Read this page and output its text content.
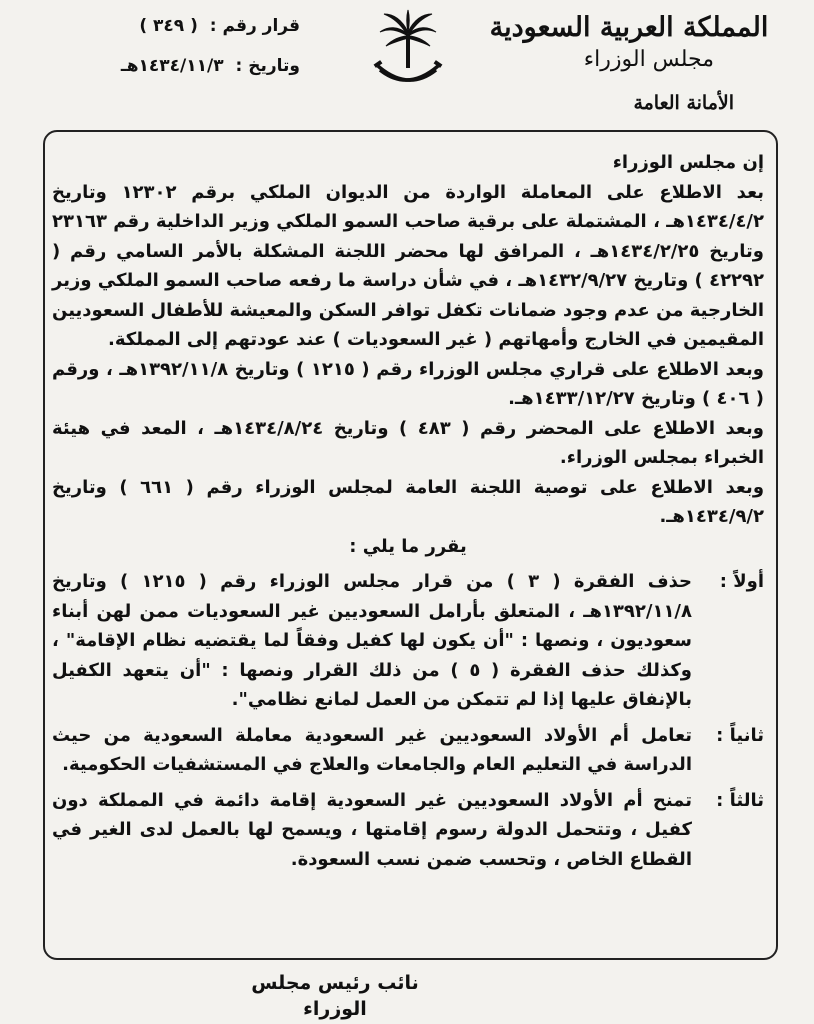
المملكة العربية السعودية
مجلس الوزراء
الأمانة العامة
قرار رقم : ( ٣٤٩ )
وتاريخ : ١٤٣٤/١١/٣هـ

إن مجلس الوزراء

بعد الاطلاع على المعاملة الواردة من الديوان الملكي برقم ١٢٣٠٢ وتاريخ ١٤٣٤/٤/٢هـ ، المشتملة على برقية صاحب السمو الملكي وزير الداخلية رقم ٢٣١٦٣ وتاريخ ١٤٣٤/٢/٢٥هـ ، المرافق لها محضر اللجنة المشكلة بالأمر السامي رقم ( ٤٢٢٩٢ ) وتاريخ ١٤٣٢/٩/٢٧هـ ، في شأن دراسة ما رفعه صاحب السمو الملكي وزير الخارجية من عدم وجود ضمانات تكفل توافر السكن والمعيشة للأطفال السعوديين المقيمين في الخارج وأمهاتهم ( غير السعوديات ) عند عودتهم إلى المملكة.

وبعد الاطلاع على قراري مجلس الوزراء رقم ( ١٢١٥ ) وتاريخ ١٣٩٢/١١/٨هـ ، ورقم ( ٤٠٦ ) وتاريخ ١٤٣٣/١٢/٢٧هـ.

وبعد الاطلاع على المحضر رقم ( ٤٨٣ ) وتاريخ ١٤٣٤/٨/٢٤هـ ، المعد في هيئة الخبراء بمجلس الوزراء.

وبعد الاطلاع على توصية اللجنة العامة لمجلس الوزراء رقم ( ٦٦١ ) وتاريخ ١٤٣٤/٩/٢هـ.

يقرر ما يلي :

أولاً :
حذف الفقرة ( ٣ ) من قرار مجلس الوزراء رقم ( ١٢١٥ ) وتاريخ ١٣٩٢/١١/٨هـ ، المتعلق بأرامل السعوديين غير السعوديات ممن لهن أبناء سعوديون ، ونصها : "أن يكون لها كفيل وفقاً لما يقتضيه نظام الإقامة" ، وكذلك حذف الفقرة ( ٥ ) من ذلك القرار ونصها : "أن يتعهد الكفيل بالإنفاق عليها إذا لم تتمكن من العمل لمانع نظامي".
ثانياً :
تعامل أم الأولاد السعوديين غير السعودية معاملة السعودية من حيث الدراسة في التعليم العام والجامعات والعلاج في المستشفيات الحكومية.
ثالثاً :
تمنح أم الأولاد السعوديين غير السعودية إقامة دائمة في المملكة دون كفيل ، وتتحمل الدولة رسوم إقامتها ، ويسمح لها بالعمل لدى الغير في القطاع الخاص ، وتحسب ضمن نسب السعودة.
نائب رئيس مجلس الوزراء
